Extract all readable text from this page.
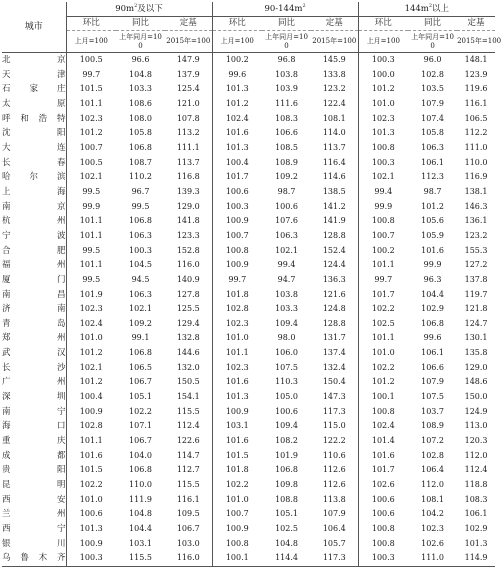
城市	$90m^2$及以下			$90-144m^2$			$144m^2$以上		
	环比	同比	定基	环比	同比	定基	环比	同比	定基
	上月=100	上年同月=100	2015年=100	上月=100	上年同月=100	2015年=100	上月=100	上年同月=100	2015年=100
北京	100.5	96.6	147.9	100.2	96.8	145.9	100.3	96.0	148.1
天津	99.7	104.8	137.9	99.6	103.8	133.8	100.0	102.8	123.9
石家庄	101.5	103.3	125.4	101.3	103.9	123.2	101.2	103.5	119.6
太原	101.1	108.6	121.0	101.2	111.6	122.4	101.0	107.9	116.1
呼和浩特	102.3	108.0	107.8	102.4	108.3	108.1	102.3	107.4	106.5
沈阳	101.2	105.8	113.2	101.6	106.6	114.0	101.3	105.8	112.2
大连	100.7	106.8	111.1	101.3	108.5	113.7	100.8	106.3	111.0
长春	100.5	108.7	113.7	100.4	108.9	116.4	100.3	106.1	110.0
哈尔滨	102.1	110.2	116.8	101.7	109.2	114.6	102.1	112.3	116.9
上海	99.5	96.7	139.3	100.6	98.7	138.5	99.4	98.7	138.1
南京	99.9	99.5	129.0	100.3	100.6	141.2	99.9	101.2	146.3
杭州	101.1	106.8	141.8	100.9	107.6	141.9	100.8	105.6	136.1
宁波	101.1	106.3	123.3	100.7	106.3	128.8	100.7	105.9	123.2
合肥	99.5	100.3	152.8	100.8	102.1	152.4	100.2	101.6	155.3
福州	101.1	104.5	116.0	100.9	99.4	124.4	101.1	99.9	127.2
厦门	99.5	94.5	140.9	99.7	94.7	136.3	99.7	96.3	137.8
南昌	101.9	106.3	127.8	101.8	103.8	121.6	101.7	104.4	119.7
济南	102.3	102.1	125.5	102.8	103.3	124.8	102.2	102.9	121.8
青岛	102.4	109.2	129.4	102.3	109.4	128.8	102.5	106.8	124.7
郑州	101.0	99.1	132.8	101.0	98.0	131.7	101.1	99.6	130.1
武汉	101.2	106.8	144.6	101.1	106.0	137.4	101.0	106.1	135.8
长沙	102.1	106.5	132.0	102.3	107.5	132.4	102.2	106.6	129.0
广州	101.2	106.7	150.5	101.6	110.3	150.4	101.2	107.9	148.6
深圳	100.4	105.1	154.1	101.3	105.0	147.3	100.1	107.5	150.0
南宁	100.9	102.2	115.5	100.9	100.6	117.3	100.8	103.7	124.9
海口	102.8	107.1	112.4	103.1	109.4	115.0	102.4	108.9	113.0
重庆	101.1	106.7	122.6	101.6	108.2	122.2	101.4	107.2	120.3
成都	101.6	104.0	114.7	101.5	101.9	110.6	101.6	102.8	112.0
贵阳	101.5	106.8	112.7	101.8	106.8	112.6	101.7	106.4	112.4
昆明	102.2	110.0	115.5	102.2	109.8	112.6	102.6	112.0	118.8
西安	101.0	111.9	116.1	101.0	108.8	113.8	100.6	108.1	108.3
兰州	100.6	104.8	109.5	100.7	105.1	107.9	100.6	104.2	106.1
西宁	101.3	104.4	106.7	100.9	102.5	106.4	100.8	102.3	102.9
银川	100.9	103.1	103.0	100.8	104.8	105.7	100.8	102.6	101.3
乌鲁木齐	100.3	115.5	116.0	100.1	114.4	117.3	100.3	111.0	114.9
